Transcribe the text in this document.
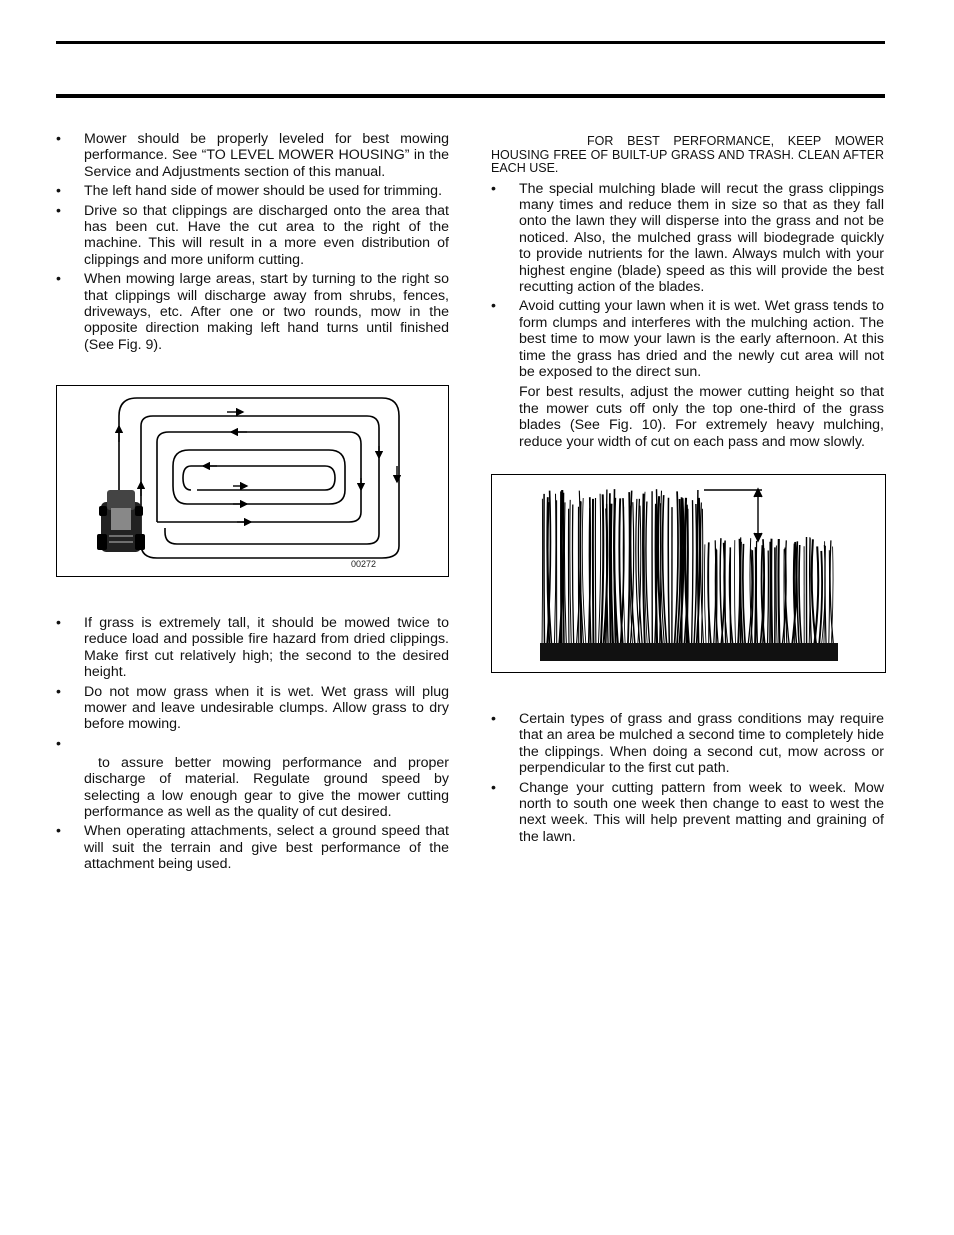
• Mower should be properly leveled for best mowing performance. See “TO LEVEL MOWER HOUSING” in the Service and Adjustments section of this manual.

• The left hand side of mower should be used for trimming.

• Drive so that clippings are discharged onto the area that has been cut. Have the cut area to the right of the machine. This will result in a more even distribution of clippings and more uniform cutting.

• When mowing large areas, start by turning to the right so that clippings will discharge away from shrubs, fences, driveways, etc. After one or two rounds, mow in the opposite direction making left hand turns until finished (See Fig. 9).

00272
• If grass is extremely tall, it should be mowed twice to reduce load and possible fire hazard from dried clippings. Make first cut relatively high; the second to the desired height.

• Do not mow grass when it is wet. Wet grass will plug mower and leave undesirable clumps. Allow grass to dry before mowing.

•

to assure better mowing performance and proper discharge of material. Regulate ground speed by selecting a low enough gear to give the mower cutting performance as well as the quality of cut desired.

• When operating attachments, select a ground speed that will suit the terrain and give best performance of the attachment being used.

FOR BEST PERFORMANCE, KEEP MOWER HOUSING FREE OF BUILT-UP GRASS AND TRASH. CLEAN AFTER EACH USE.

• The special mulching blade will recut the grass clippings many times and reduce them in size so that as they fall onto the lawn they will disperse into the grass and not be noticed. Also, the mulched grass will biodegrade quickly to provide nutrients for the lawn. Always mulch with your highest engine (blade) speed as this will provide the best recutting action of the blades.

• Avoid cutting your lawn when it is wet. Wet grass tends to form clumps and interferes with the mulching action. The best time to mow your lawn is the early afternoon. At this time the grass has dried and the newly cut area will not be exposed to the direct sun.

For best results, adjust the mower cutting height so that the mower cuts off only the top one-third of the grass blades (See Fig. 10). For extremely heavy mulching, reduce your width of cut on each pass and mow slowly.

• Certain types of grass and grass conditions may require that an area be mulched a second time to completely hide the clippings. When doing a second cut, mow across or perpendicular to the first cut path.

• Change your cutting pattern from week to week. Mow north to south one week then change to east to west the next week. This will help prevent matting and graining of the lawn.
